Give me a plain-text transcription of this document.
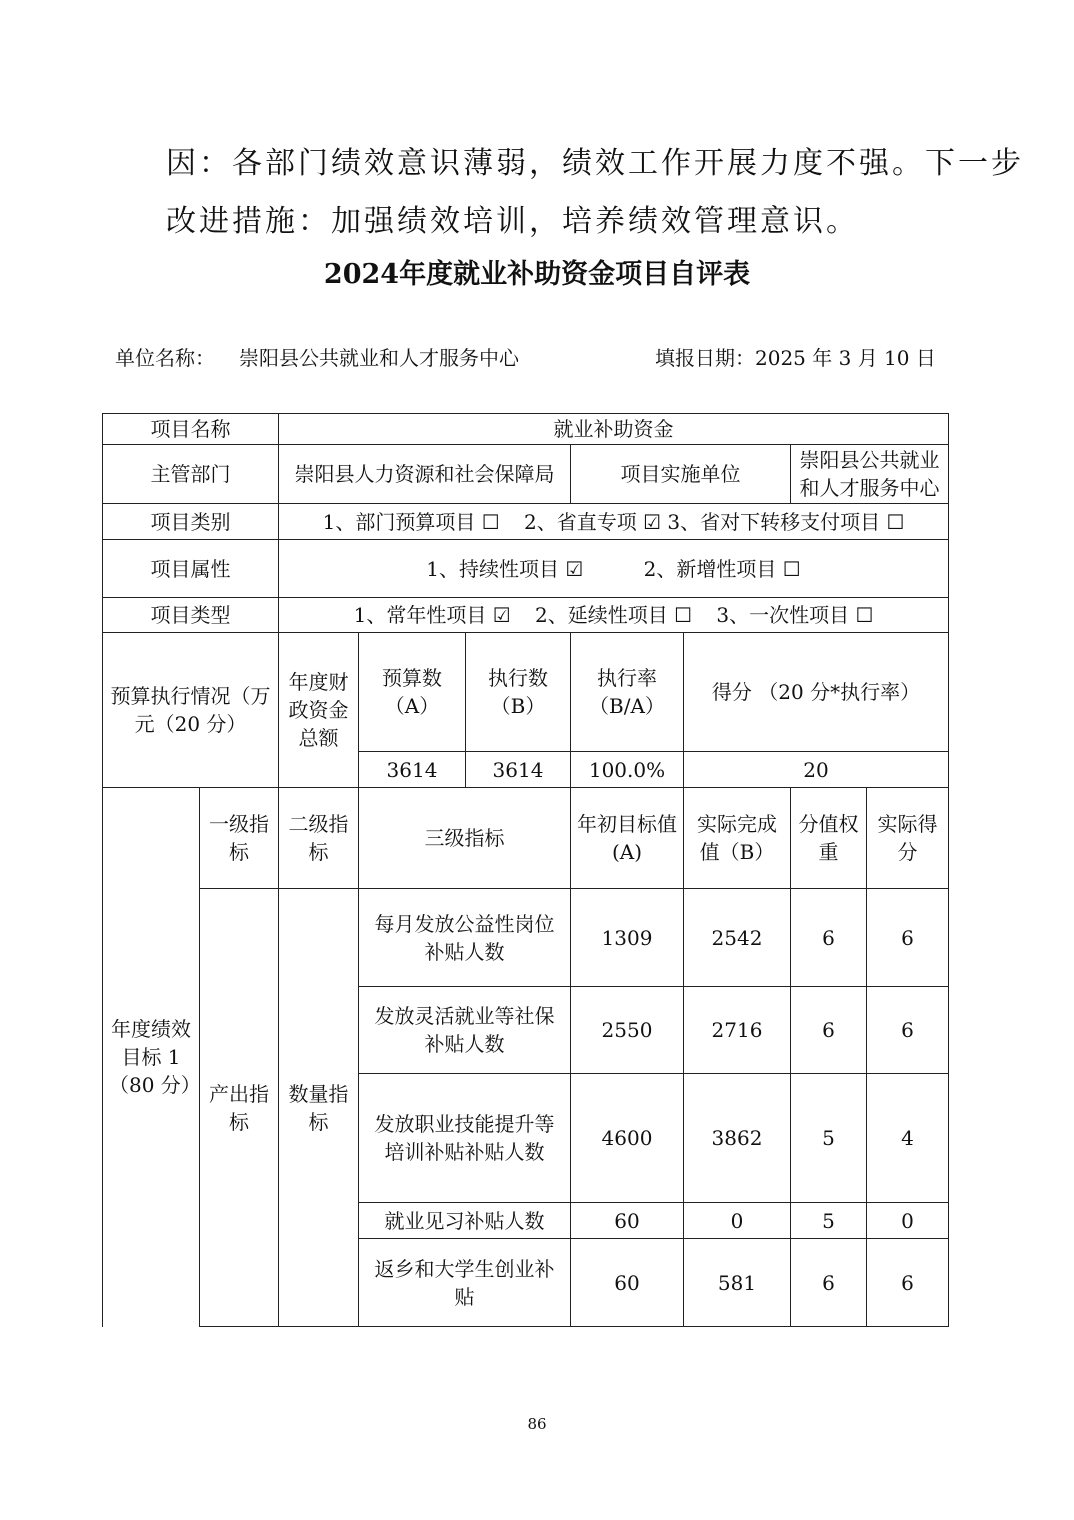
因：各部门绩效意识薄弱，绩效工作开展力度不强。下一步
改进措施：加强绩效培训，培养绩效管理意识。
2024年度就业补助资金项目自评表
单位名称： 崇阳县公共就业和人才服务中心	填报日期：2025 年 3 月 10 日
项目名称		就业补助资金						
主管部门		崇阳县人力资源和社会保障局			项目实施单位		崇阳县公共就业和人才服务中心	
项目类别		1、部门预算项目 ☐ 2、省直专项 ☑ 3、省对下转移支付项目 ☐						
项目属性		1、持续性项目 ☑ 2、新增性项目 ☐						
项目类型		1、常年性项目 ☑ 2、延续性项目 ☐ 3、一次性项目 ☐						
预算执行情况（万元（20 分）		年度财政资金总额	预算数（A）	执行数（B）	执行率（B/A）	得分 （20 分*执行率）		
			3614	3614	100.0%	20		
年度绩效目标 1（80 分）	一级指标	二级指标	三级指标		年初目标值(A)	实际完成值（B）	分值权重	实际得分
	产出指标	数量指标	每月发放公益性岗位补贴人数		1309	2542	6	6
			发放灵活就业等社保补贴人数		2550	2716	6	6
			发放职业技能提升等培训补贴补贴人数		4600	3862	5	4
			就业见习补贴人数		60	0	5	0
			返乡和大学生创业补贴		60	581	6	6
86
